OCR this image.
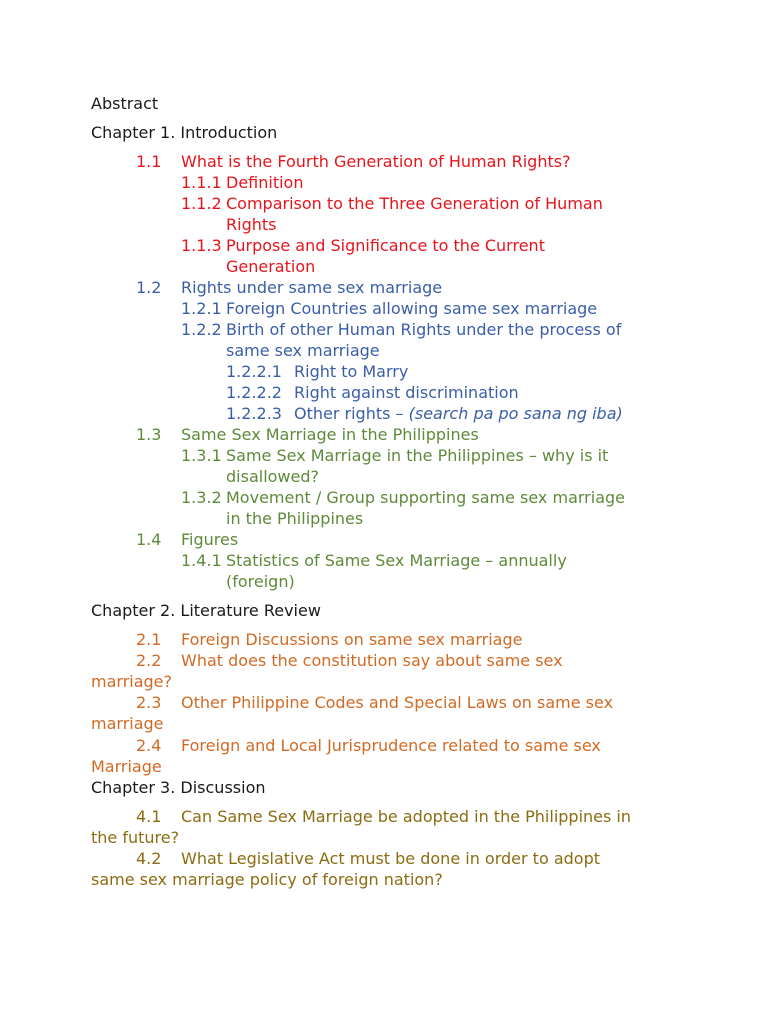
Abstract
Chapter 1. Introduction
1.1 What is the Fourth Generation of Human Rights?
1.1.1 Definition
1.1.2 Comparison to the Three Generation of Human
Rights
1.1.3 Purpose and Significance to the Current
Generation
1.2 Rights under same sex marriage
1.2.1 Foreign Countries allowing same sex marriage
1.2.2 Birth of other Human Rights under the process of
same sex marriage
1.2.2.1 Right to Marry
1.2.2.2 Right against discrimination
1.2.2.3 Other rights – (search pa po sana ng iba)
1.3 Same Sex Marriage in the Philippines
1.3.1 Same Sex Marriage in the Philippines – why is it
disallowed?
1.3.2 Movement / Group supporting same sex marriage
in the Philippines
1.4 Figures
1.4.1 Statistics of Same Sex Marriage – annually
(foreign)
Chapter 2. Literature Review
2.1 Foreign Discussions on same sex marriage
2.2 What does the constitution say about same sex
marriage?
2.3 Other Philippine Codes and Special Laws on same sex
marriage
2.4 Foreign and Local Jurisprudence related to same sex
Marriage
Chapter 3. Discussion
4.1 Can Same Sex Marriage be adopted in the Philippines in
the future?
4.2 What Legislative Act must be done in order to adopt
same sex marriage policy of foreign nation?
